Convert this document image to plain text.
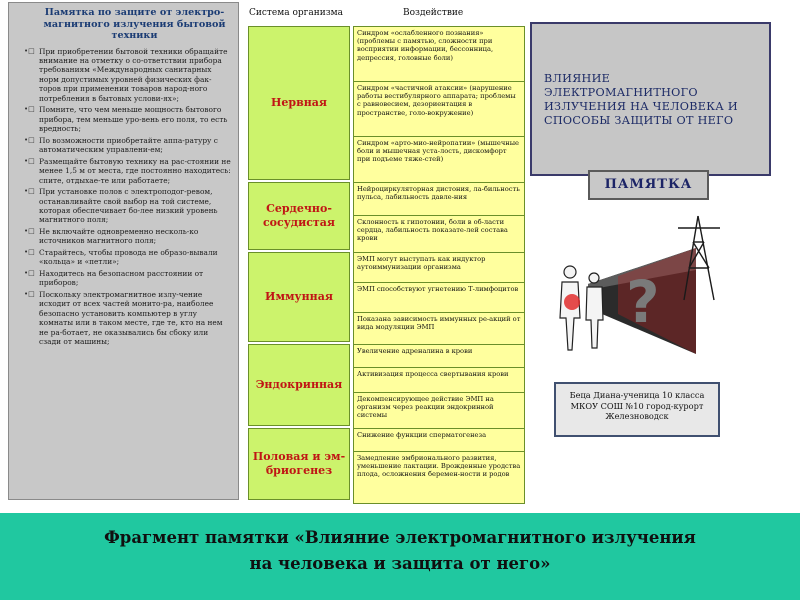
Памятка по защите от электро-магнитного излучения бытовой техники
•□ При приобретении бытовой техники обращайте внимание на отметку о со-ответствии прибора требованиям «Международных санитарных норм допустимых уровней физических фак-торов при применении товаров народ-ного потребления в бытовых услови-ях»;
•□ Помните, что чем меньше мощность бытового прибора, тем меньше уро-вень его поля, то есть вредность;
•□ По возможности приобретайте аппа-ратуру с автоматическим управлени-ем;
•□ Размещайте бытовую технику на рас-стоянии не менее 1,5 м от места, где постоянно находитесь: спите, отдыхае-те или работаете;
•□ При установке полов с электроподог-ревом, останавливайте свой выбор на той системе, которая обеспечивает бо-лее низкий уровень магнитного поля;
•□ Не включайте одновременно несколь-ко источников магнитного поля;
•□ Старайтесь, чтобы провода не образо-вывали «кольца» и «петли»;
•□ Находитесь на безопасном расстоянии от приборов;
•□ Поскольку электромагнитное излу-чение исходит от всех частей монито-ра, наиболее безопасно установить компьютер в углу комнаты или в таком месте, где те, кто на нем не ра-ботает, не оказывались бы сбоку или сзади от машины;
Система организма	Воздействие
Нервная
Синдром «ослабленного познания» (проблемы с памятью, сложности при восприятии информации, бессонница, депрессия, головные боли)
Синдром «частичной атаксии» (нарушение работы вестибулярного аппарата; проблемы с равновесием, дезориентация в пространстве, голо-вокружение)
Синдром «арто-мио-нейропатии» (мышечные боли и мышечная уста-лость, дискомфорт при подъеме тяже-стей)
Сердечно-сосудистая
Нейроциркуляторная дистония, ла-бильность пульса, лабильность давле-ния
Склонность к гипотонии, боли в об-ласти сердца, лабильность показате-лей состава крови
Иммунная
ЭМП могут выступать как индуктор аутоиммунизации организма
ЭМП способствуют угнетению Т-лимфоцитов
Показана зависимость иммунных ре-акций от вида модуляции ЭМП
Эндокринная
Увеличение адреналина в крови
Активизация процесса свертывания крови
Декомпенсирующее действие ЭМП на организм через реакции эндокринной системы
Половая и эм-бриогенез
Снижение функции сперматогенеза
Замедление эмбрионального развития, уменьшение лактации. Врожденные уродства плода, осложнения беремен-ности и родов
ВЛИЯНИЕ ЭЛЕКТРОМАГНИТНОГО ИЗЛУЧЕНИЯ НА ЧЕЛОВЕКА И СПОСОБЫ ЗАЩИТЫ ОТ НЕГО
ПАМЯТКА
?
Беца Диана-ученица 10 класса МКОУ СОШ №10 город-курорт Железноводск
Фрагмент памятки «Влияние электромагнитного излучения
на человека и защита от него»
